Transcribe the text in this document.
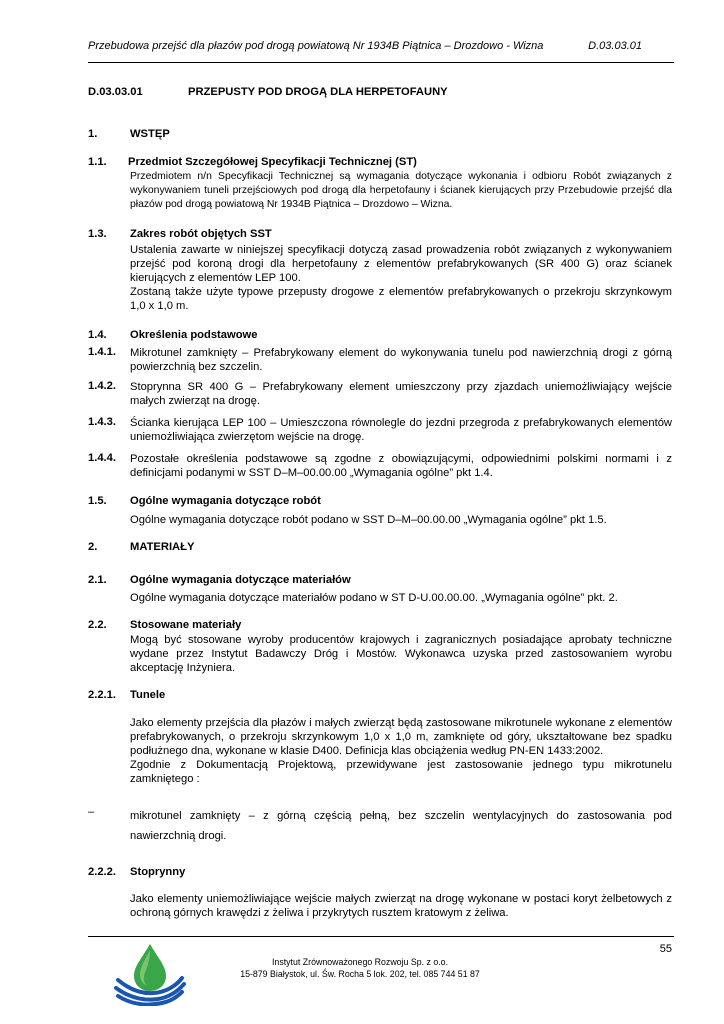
Przebudowa przejść dla płazów pod drogą powiatową Nr 1934B Piątnica – Drozdowo - Wizna	D.03.03.01
D.03.03.01	PRZEPUSTY POD DROGĄ DLA HERPETOFAUNY
1.	WSTĘP
1.1. Przedmiot Szczegółowej Specyfikacji Technicznej (ST)

Przedmiotem n/n Specyfikacji Technicznej są wymagania dotyczące wykonania i odbioru Robót związanych z wykonywaniem tuneli przejściowych pod drogą dla herpetofauny i ścianek kierujących przy Przebudowie przejść dla płazów pod drogą powiatową Nr 1934B Piątnica – Drozdowo – Wizna.

1.3. Zakres robót objętych SST

Ustalenia zawarte w niniejszej specyfikacji dotyczą zasad prowadzenia robót związanych z wykonywaniem przejść pod koroną drogi dla herpetofauny z elementów prefabrykowanych (SR 400 G) oraz ścianek kierujących z elementów LEP 100.

Zostaną także użyte typowe przepusty drogowe z elementów prefabrykowanych o przekroju skrzynkowym 1,0 x 1,0 m.

1.4. Określenia podstawowe
1.4.1. Mikrotunel zamknięty – Prefabrykowany element do wykonywania tunelu pod nawierzchnią drogi z górną powierzchnią bez szczelin.

1.4.2. Stoprynna SR 400 G – Prefabrykowany element umieszczony przy zjazdach uniemożliwiający wejście małych zwierząt na drogę.

1.4.3. Ścianka kierująca LEP 100 – Umieszczona równolegle do jezdni przegroda z prefabrykowanych elementów uniemożliwiająca zwierzętom wejście na drogę.

1.4.4. Pozostałe określenia podstawowe są zgodne z obowiązującymi, odpowiednimi polskimi normami i z definicjami podanymi w SST D–M–00.00.00 „Wymagania ogólne” pkt 1.4.

1.5. Ogólne wymagania dotyczące robót

Ogólne wymagania dotyczące robót podano w SST D–M–00.00.00 „Wymagania ogólne” pkt 1.5.

2.	MATERIAŁY
2.1. Ogólne wymagania dotyczące materiałów

Ogólne wymagania dotyczące materiałów podano w ST D-U.00.00.00. „Wymagania ogólne” pkt. 2.

2.2. Stosowane materiały

Mogą być stosowane wyroby producentów krajowych i zagranicznych posiadające aprobaty techniczne wydane przez Instytut Badawczy Dróg i Mostów. Wykonawca uzyska przed zastosowaniem wyrobu akceptację Inżyniera.

2.2.1. Tunele

Jako elementy przejścia dla płazów i małych zwierząt będą zastosowane mikrotunele wykonane z elementów prefabrykowanych, o przekroju skrzynkowym 1,0 x 1,0 m, zamknięte od góry, ukształtowane bez spadku podłużnego dna, wykonane w klasie D400. Definicja klas obciążenia według PN-EN 1433:2002.

Zgodnie z Dokumentacją Projektową, przewidywane jest zastosowanie jednego typu mikrotunelu zamkniętego :

–	mikrotunel zamknięty – z górną częścią pełną, bez szczelin wentylacyjnych do zastosowania pod nawierzchnią drogi.

2.2.2. Stoprynny

Jako elementy uniemożliwiające wejście małych zwierząt na drogę wykonane w postaci koryt żelbetowych z ochroną górnych krawędzi z żeliwa i przykrytych rusztem kratowym z żeliwa.

55
Instytut Zrównoważonego Rozwoju Sp. z o.o.
15-879 Białystok, ul. Św. Rocha 5 lok. 202, tel. 085 744 51 87
